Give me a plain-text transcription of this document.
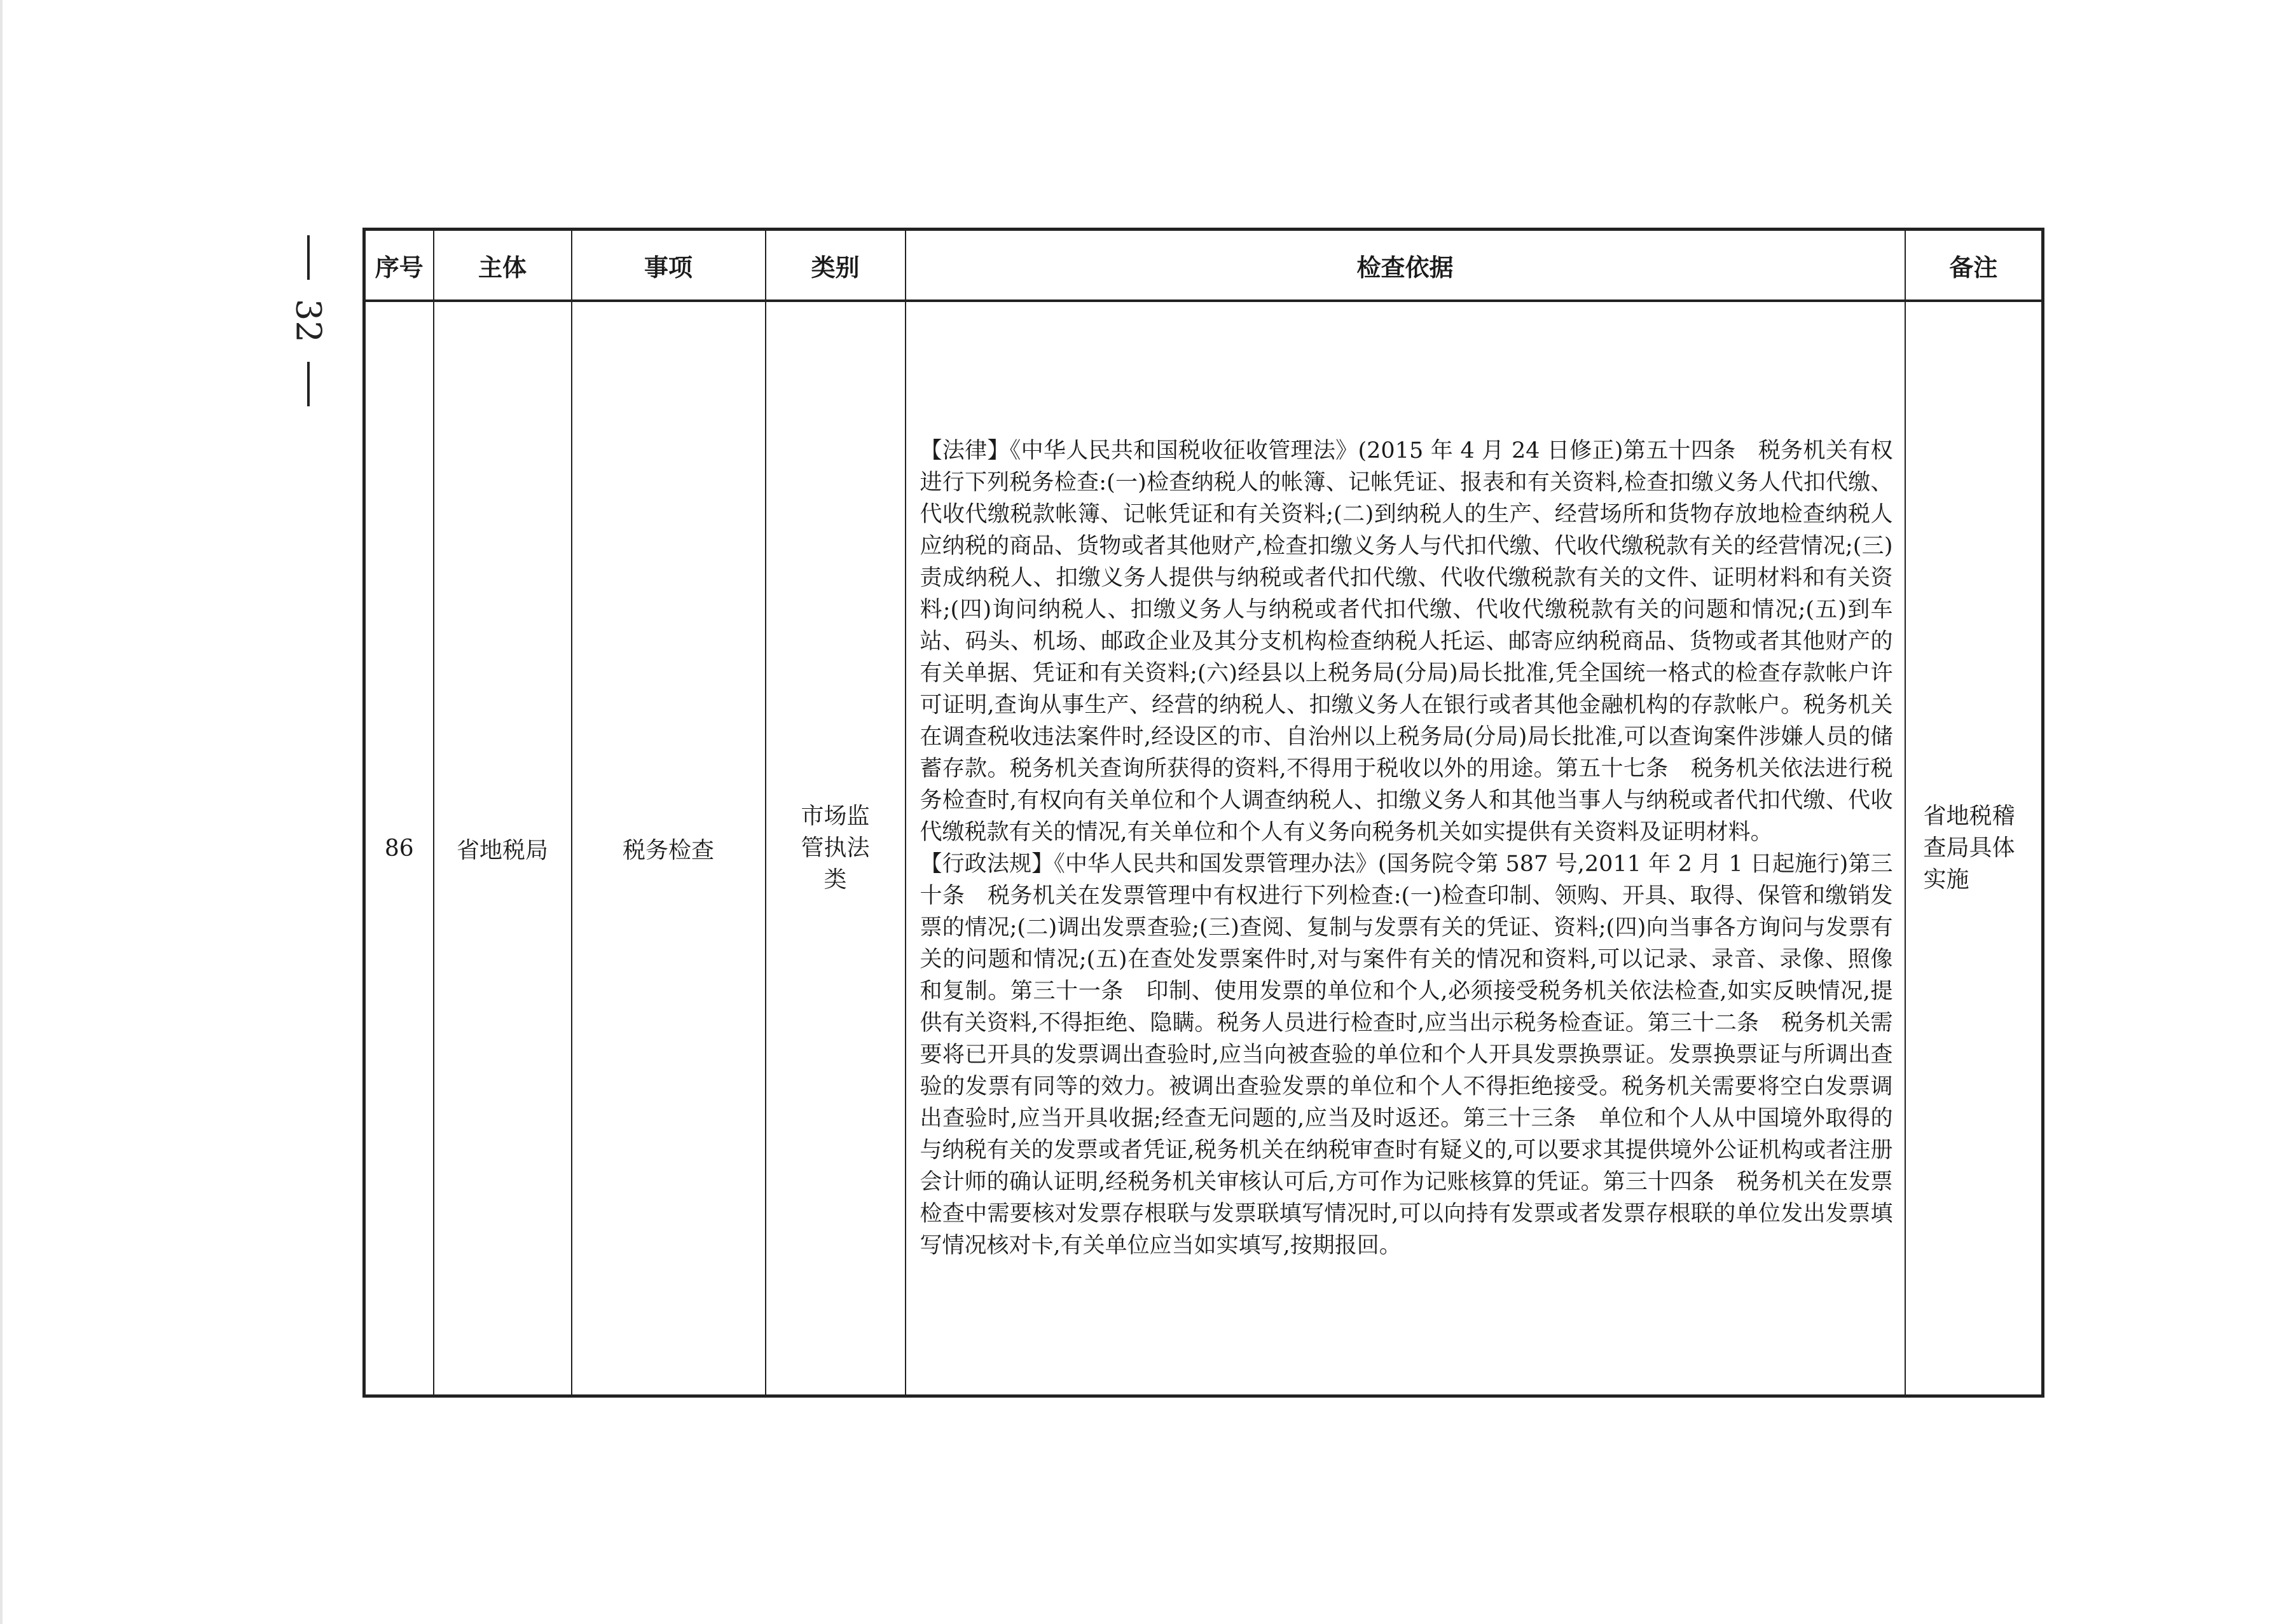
32
序号	主体	事项	类别	检查依据	备注
86	省地税局	税务检查	市场监管执法类	【法律】《中华人民共和国税收征收管理法》(2015 年 4 月 24 日修正)第五十四条　税务机关有权进行下列税务检查:(一)检查纳税人的帐簿、记帐凭证、报表和有关资料,检查扣缴义务人代扣代缴、代收代缴税款帐簿、记帐凭证和有关资料;(二)到纳税人的生产、经营场所和货物存放地检查纳税人应纳税的商品、货物或者其他财产,检查扣缴义务人与代扣代缴、代收代缴税款有关的经营情况;(三)责成纳税人、扣缴义务人提供与纳税或者代扣代缴、代收代缴税款有关的文件、证明材料和有关资料;(四)询问纳税人、扣缴义务人与纳税或者代扣代缴、代收代缴税款有关的问题和情况;(五)到车站、码头、机场、邮政企业及其分支机构检查纳税人托运、邮寄应纳税商品、货物或者其他财产的有关单据、凭证和有关资料;(六)经县以上税务局(分局)局长批准,凭全国统一格式的检查存款帐户许可证明,查询从事生产、经营的纳税人、扣缴义务人在银行或者其他金融机构的存款帐户。税务机关在调查税收违法案件时,经设区的市、自治州以上税务局(分局)局长批准,可以查询案件涉嫌人员的储蓄存款。税务机关查询所获得的资料,不得用于税收以外的用途。第五十七条　税务机关依法进行税务检查时,有权向有关单位和个人调查纳税人、扣缴义务人和其他当事人与纳税或者代扣代缴、代收代缴税款有关的情况,有关单位和个人有义务向税务机关如实提供有关资料及证明材料。
【行政法规】《中华人民共和国发票管理办法》(国务院令第 587 号,2011 年 2 月 1 日起施行)第三十条　税务机关在发票管理中有权进行下列检查:(一)检查印制、领购、开具、取得、保管和缴销发票的情况;(二)调出发票查验;(三)查阅、复制与发票有关的凭证、资料;(四)向当事各方询问与发票有关的问题和情况;(五)在查处发票案件时,对与案件有关的情况和资料,可以记录、录音、录像、照像和复制。第三十一条　印制、使用发票的单位和个人,必须接受税务机关依法检查,如实反映情况,提供有关资料,不得拒绝、隐瞒。税务人员进行检查时,应当出示税务检查证。第三十二条　税务机关需要将已开具的发票调出查验时,应当向被查验的单位和个人开具发票换票证。发票换票证与所调出查验的发票有同等的效力。被调出查验发票的单位和个人不得拒绝接受。税务机关需要将空白发票调出查验时,应当开具收据;经查无问题的,应当及时返还。第三十三条　单位和个人从中国境外取得的与纳税有关的发票或者凭证,税务机关在纳税审查时有疑义的,可以要求其提供境外公证机构或者注册会计师的确认证明,经税务机关审核认可后,方可作为记账核算的凭证。第三十四条　税务机关在发票检查中需要核对发票存根联与发票联填写情况时,可以向持有发票或者发票存根联的单位发出发票填写情况核对卡,有关单位应当如实填写,按期报回。	省地税稽查局具体实施
